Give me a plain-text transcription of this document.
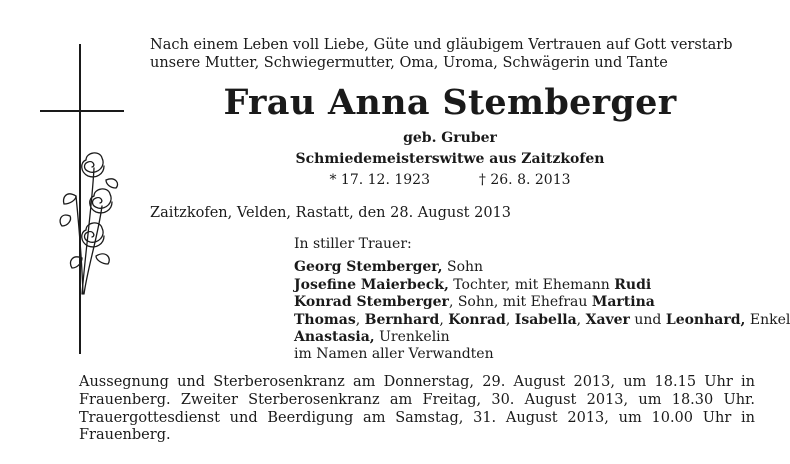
Nach einem Leben voll Liebe, Güte und gläubigem Vertrauen auf Gott verstarb unsere Mutter, Schwiegermutter, Oma, Uroma, Schwägerin und Tante
Frau Anna Stemberger
geb. Gruber
Schmiedemeisterswitwe aus Zaitzkofen
* 17. 12. 1923	† 26. 8. 2013
Zaitzkofen, Velden, Rastatt, den 28. August 2013
In stiller Trauer:
Georg Stemberger, Sohn
Josefine Maierbeck, Tochter, mit Ehemann Rudi
Konrad Stemberger, Sohn, mit Ehefrau Martina
Thomas, Bernhard, Konrad, Isabella, Xaver und Leonhard, Enkel
Anastasia, Urenkelin
im Namen aller Verwandten
Aussegnung und Sterberosenkranz am Donnerstag, 29. August 2013, um 18.15 Uhr in Frauenberg. Zweiter Sterberosenkranz am Freitag, 30. August 2013, um 18.30 Uhr. Trauergottesdienst und Beerdigung am Samstag, 31. August 2013, um 10.00 Uhr in Frauenberg.
